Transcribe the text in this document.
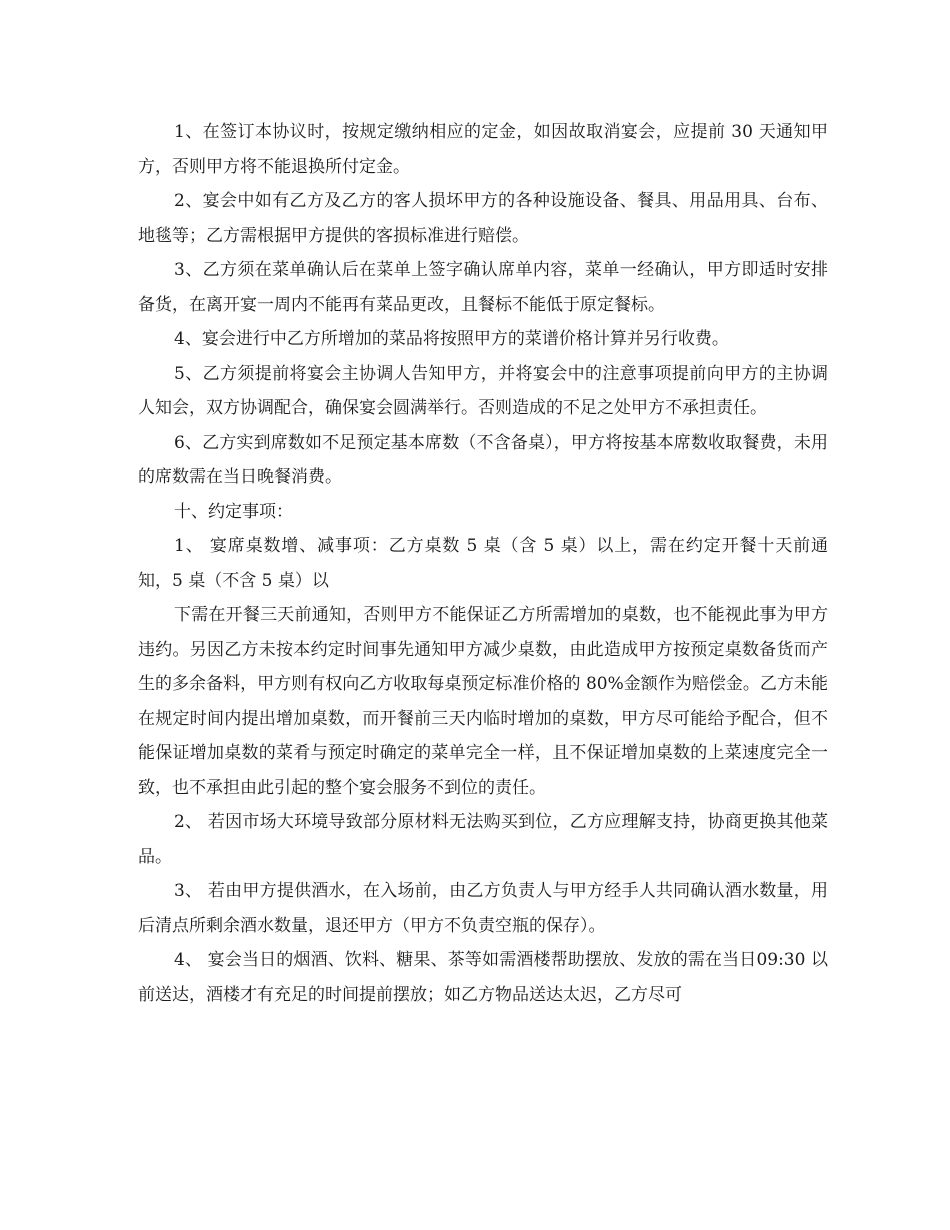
1、在签订本协议时，按规定缴纳相应的定金，如因故取消宴会，应提前 30 天通知甲方，否则甲方将不能退换所付定金。

2、宴会中如有乙方及乙方的客人损坏甲方的各种设施设备、餐具、用品用具、台布、地毯等；乙方需根据甲方提供的客损标准进行赔偿。

3、乙方须在菜单确认后在菜单上签字确认席单内容，菜单一经确认，甲方即适时安排备货，在离开宴一周内不能再有菜品更改，且餐标不能低于原定餐标。

4、宴会进行中乙方所增加的菜品将按照甲方的菜谱价格计算并另行收费。

5、乙方须提前将宴会主协调人告知甲方，并将宴会中的注意事项提前向甲方的主协调人知会，双方协调配合，确保宴会圆满举行。否则造成的不足之处甲方不承担责任。

6、乙方实到席数如不足预定基本席数（不含备桌），甲方将按基本席数收取餐费，未用的席数需在当日晚餐消费。

十、约定事项：

1、 宴席桌数增、减事项：乙方桌数 5 桌（含 5 桌）以上，需在约定开餐十天前通知，5 桌（不含 5 桌）以

下需在开餐三天前通知，否则甲方不能保证乙方所需增加的桌数，也不能视此事为甲方违约。另因乙方未按本约定时间事先通知甲方减少桌数，由此造成甲方按预定桌数备货而产生的多余备料，甲方则有权向乙方收取每桌预定标准价格的 80%金额作为赔偿金。乙方未能在规定时间内提出增加桌数，而开餐前三天内临时增加的桌数，甲方尽可能给予配合，但不能保证增加桌数的菜肴与预定时确定的菜单完全一样，且不保证增加桌数的上菜速度完全一致，也不承担由此引起的整个宴会服务不到位的责任。

2、 若因市场大环境导致部分原材料无法购买到位，乙方应理解支持，协商更换其他菜品。

3、 若由甲方提供酒水，在入场前，由乙方负责人与甲方经手人共同确认酒水数量，用后清点所剩余酒水数量，退还甲方（甲方不负责空瓶的保存）。

4、 宴会当日的烟酒、饮料、糖果、茶等如需酒楼帮助摆放、发放的需在当日09:30 以前送达，酒楼才有充足的时间提前摆放；如乙方物品送达太迟，乙方尽可
